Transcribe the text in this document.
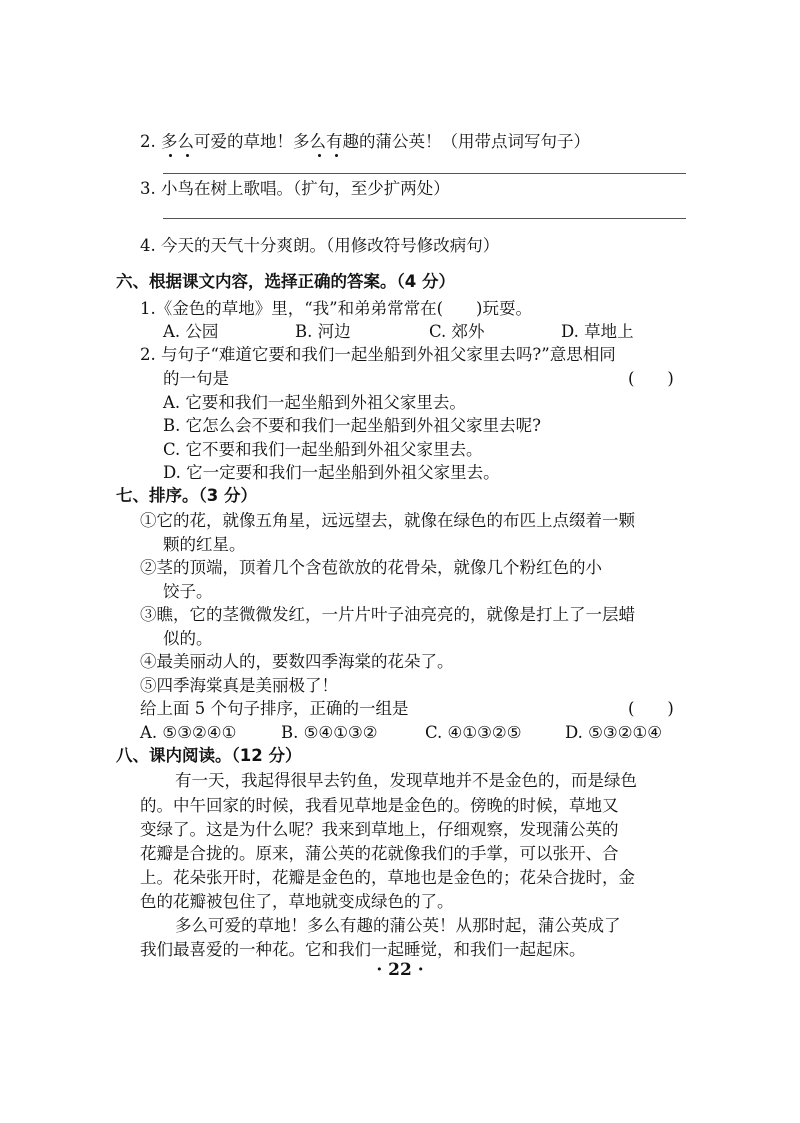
2. 多么可爱的草地！多么有趣的蒲公英！（用带点词写句子）
3. 小鸟在树上歌唱。（扩句，至少扩两处）
4. 今天的天气十分爽朗。（用修改符号修改病句）
六、根据课文内容，选择正确的答案。（4 分）
1.《金色的草地》里，“我”和弟弟常常在(　　)玩耍。
A. 公园	B. 河边	C. 郊外	D. 草地上
2. 与句子“难道它要和我们一起坐船到外祖父家里去吗?”意思相同
的一句是	(　　)
A. 它要和我们一起坐船到外祖父家里去。
B. 它怎么会不要和我们一起坐船到外祖父家里去呢?
C. 它不要和我们一起坐船到外祖父家里去。
D. 它一定要和我们一起坐船到外祖父家里去。
七、排序。（3 分）
①它的花，就像五角星，远远望去，就像在绿色的布匹上点缀着一颗
颗的红星。
②茎的顶端，顶着几个含苞欲放的花骨朵，就像几个粉红色的小
饺子。
③瞧，它的茎微微发红，一片片叶子油亮亮的，就像是打上了一层蜡
似的。
④最美丽动人的，要数四季海棠的花朵了。
⑤四季海棠真是美丽极了！
给上面 5 个句子排序，正确的一组是	(　　)
A. ⑤③②④①	B. ⑤④①③②	C. ④①③②⑤	D. ⑤③②①④
八、课内阅读。（12 分）
有一天，我起得很早去钓鱼，发现草地并不是金色的，而是绿色
的。中午回家的时候，我看见草地是金色的。傍晚的时候，草地又
变绿了。这是为什么呢？我来到草地上，仔细观察，发现蒲公英的
花瓣是合拢的。原来，蒲公英的花就像我们的手掌，可以张开、合
上。花朵张开时，花瓣是金色的，草地也是金色的；花朵合拢时，金
色的花瓣被包住了，草地就变成绿色的了。
多么可爱的草地！多么有趣的蒲公英！从那时起，蒲公英成了
我们最喜爱的一种花。它和我们一起睡觉，和我们一起起床。
· 22 ·
